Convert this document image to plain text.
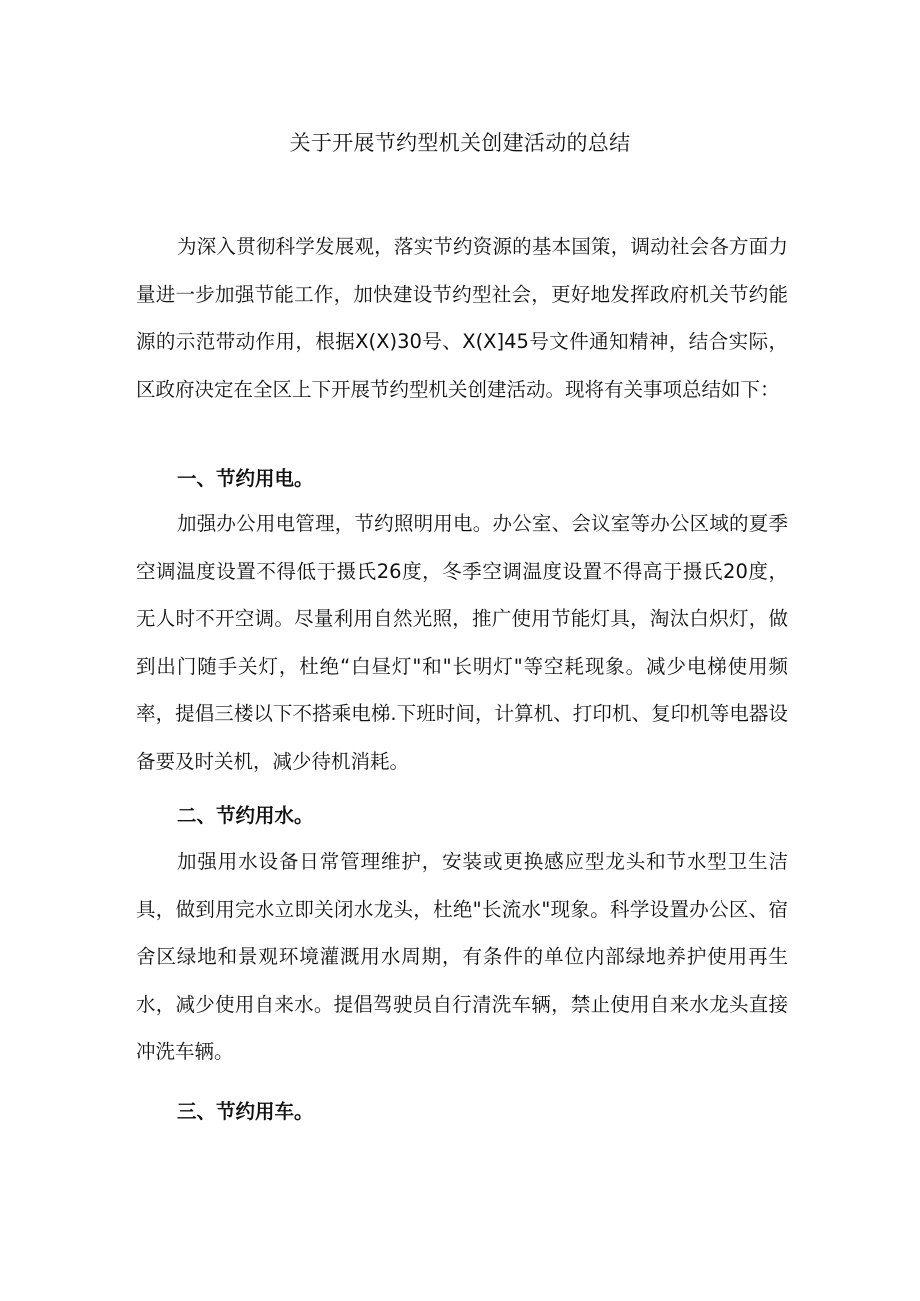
关于开展节约型机关创建活动的总结

为深入贯彻科学发展观，落实节约资源的基本国策，调动社会各方面力量进一步加强节能工作，加快建设节约型社会，更好地发挥政府机关节约能源的示范带动作用，根据X(X)30号、X(X]45号文件通知精神，结合实际，区政府决定在全区上下开展节约型机关创建活动。现将有关事项总结如下：

一、节约用电。

加强办公用电管理，节约照明用电。办公室、会议室等办公区域的夏季空调温度设置不得低于摄氏26度，冬季空调温度设置不得高于摄氏20度，无人时不开空调。尽量利用自然光照，推广使用节能灯具，淘汰白炽灯，做到出门随手关灯，杜绝“白昼灯"和"长明灯"等空耗现象。减少电梯使用频率，提倡三楼以下不搭乘电梯.下班时间，计算机、打印机、复印机等电器设备要及时关机，减少待机消耗。

二、节约用水。

加强用水设备日常管理维护，安装或更换感应型龙头和节水型卫生洁具，做到用完水立即关闭水龙头，杜绝"长流水"现象。科学设置办公区、宿舍区绿地和景观环境灌溉用水周期，有条件的单位内部绿地养护使用再生水，减少使用自来水。提倡驾驶员自行清洗车辆，禁止使用自来水龙头直接冲洗车辆。

三、节约用车。
